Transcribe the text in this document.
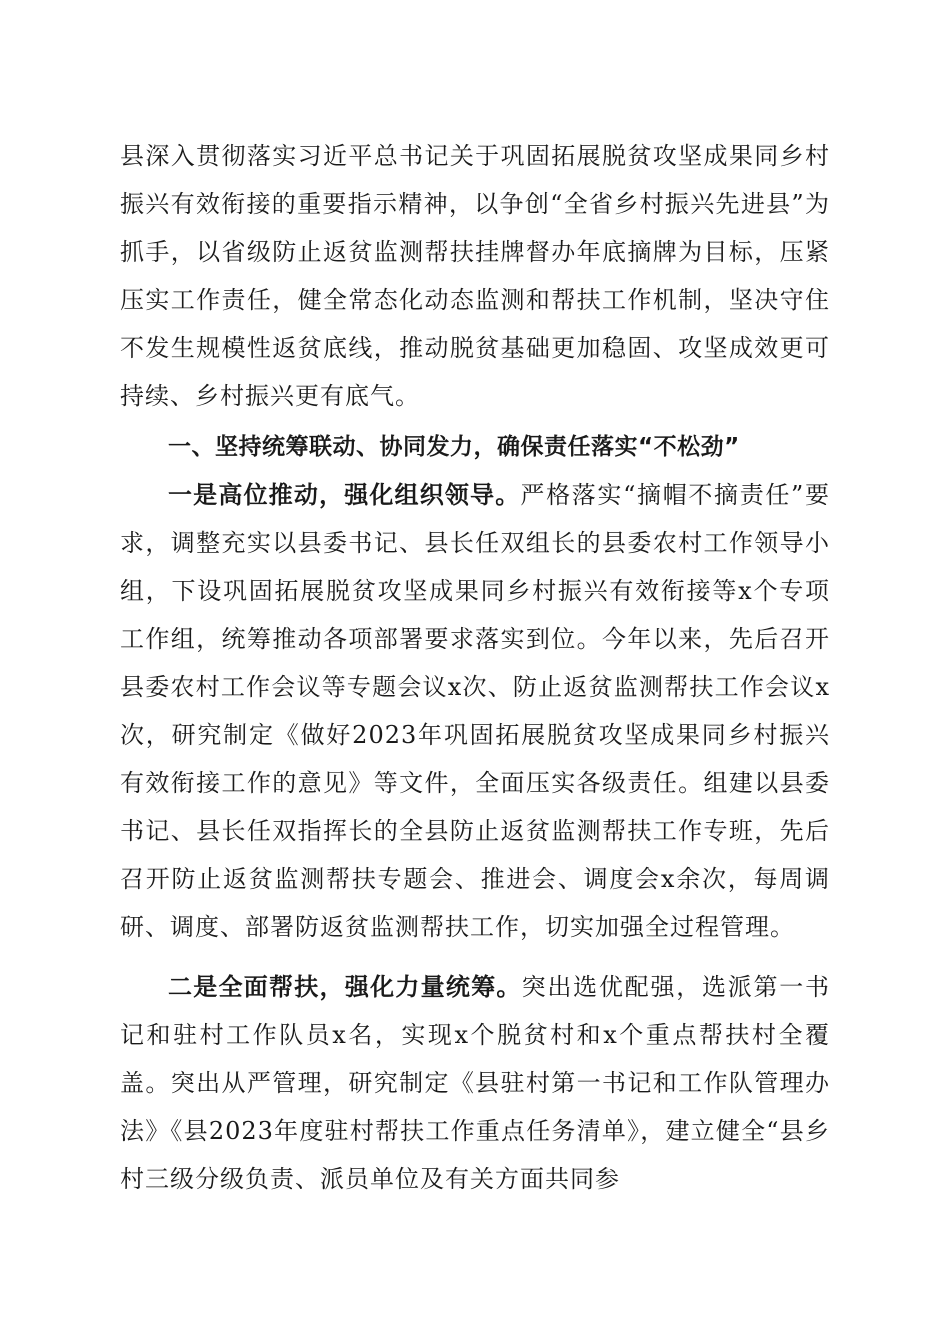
县深入贯彻落实习近平总书记关于巩固拓展脱贫攻坚成果同乡村振兴有效衔接的重要指示精神，以争创“全省乡村振兴先进县”为抓手，以省级防止返贫监测帮扶挂牌督办年底摘牌为目标，压紧压实工作责任，健全常态化动态监测和帮扶工作机制，坚决守住不发生规模性返贫底线，推动脱贫基础更加稳固、攻坚成效更可持续、乡村振兴更有底气。

一、坚持统筹联动、协同发力，确保责任落实“不松劲”

一是高位推动，强化组织领导。严格落实“摘帽不摘责任”要求，调整充实以县委书记、县长任双组长的县委农村工作领导小组，下设巩固拓展脱贫攻坚成果同乡村振兴有效衔接等x个专项工作组，统筹推动各项部署要求落实到位。今年以来，先后召开县委农村工作会议等专题会议x次、防止返贫监测帮扶工作会议x次，研究制定《做好2023年巩固拓展脱贫攻坚成果同乡村振兴有效衔接工作的意见》等文件，全面压实各级责任。组建以县委书记、县长任双指挥长的全县防止返贫监测帮扶工作专班，先后召开防止返贫监测帮扶专题会、推进会、调度会x余次，每周调研、调度、部署防返贫监测帮扶工作，切实加强全过程管理。

二是全面帮扶，强化力量统筹。突出选优配强，选派第一书记和驻村工作队员x名，实现x个脱贫村和x个重点帮扶村全覆盖。突出从严管理，研究制定《县驻村第一书记和工作队管理办法》《县2023年度驻村帮扶工作重点任务清单》，建立健全“县乡村三级分级负责、派员单位及有关方面共同参
